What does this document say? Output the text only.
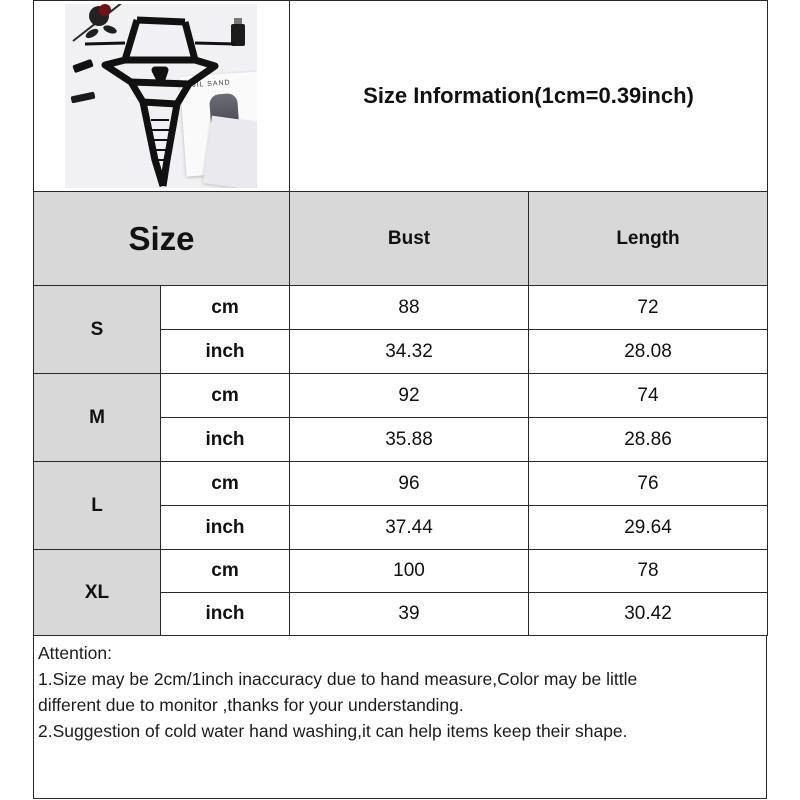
JIL SAND	Size Information(1cm=0.39inch)
Size	Bust	Length
S
cm	88	72
inch	34.32	28.08
M
cm	92	74
inch	35.88	28.86
L
cm	96	76
inch	37.44	29.64
XL
cm	100	78
inch	39	30.42
Attention:
1.Size may be 2cm/1inch inaccuracy due to hand measure,Color may be little
different due to monitor ,thanks for your understanding.
2.Suggestion of cold water hand washing,it can help items keep their shape.
